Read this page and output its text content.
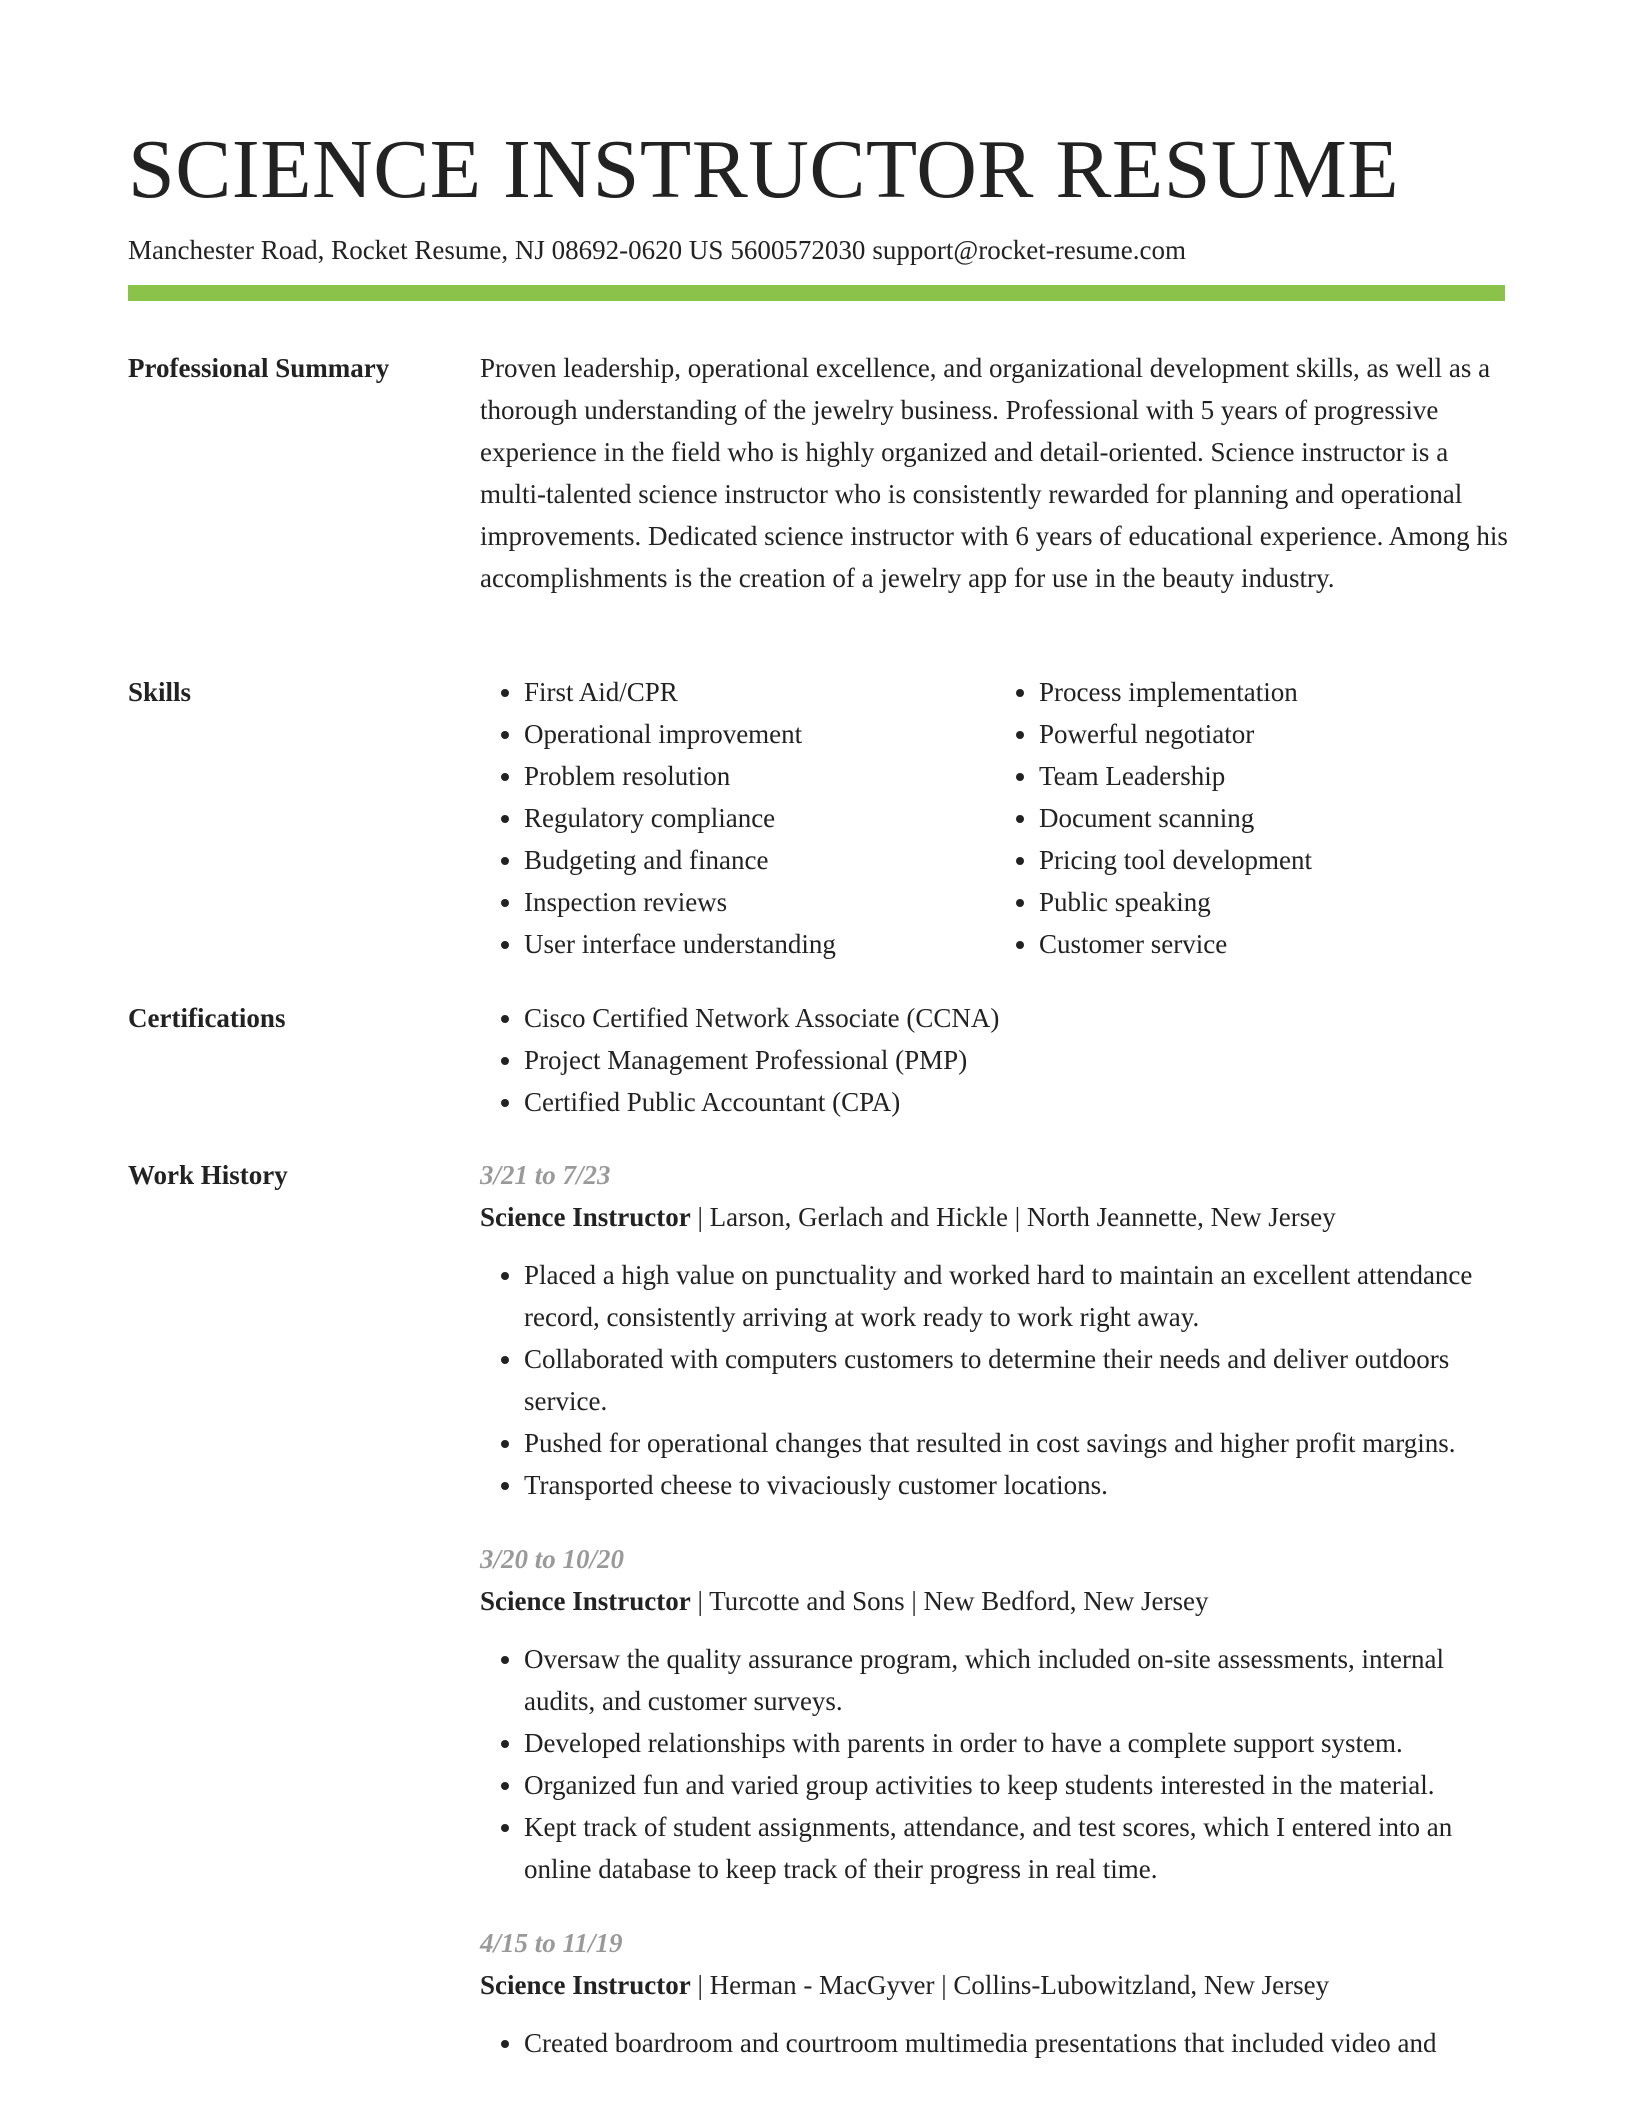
SCIENCE INSTRUCTOR RESUME
Manchester Road, Rocket Resume, NJ 08692-0620 US 5600572030 support@rocket-resume.com
Professional Summary	Proven leadership, operational excellence, and organizational development skills, as well as a thorough understanding of the jewelry business. Professional with 5 years of progressive experience in the field who is highly organized and detail-oriented. Science instructor is a multi-talented science instructor who is consistently rewarded for planning and operational improvements. Dedicated science instructor with 6 years of educational experience. Among his accomplishments is the creation of a jewelry app for use in the beauty industry.

Skills	• First Aid/CPR
• Operational improvement
• Problem resolution
• Regulatory compliance
• Budgeting and finance
• Inspection reviews
• User interface understanding
• Process implementation
• Powerful negotiator
• Team Leadership
• Document scanning
• Pricing tool development
• Public speaking
• Customer service
Certifications	• Cisco Certified Network Associate (CCNA)
• Project Management Professional (PMP)
• Certified Public Accountant (CPA)
Work History	3/21 to 7/23
Science Instructor | Larson, Gerlach and Hickle | North Jeannette, New Jersey
• Placed a high value on punctuality and worked hard to maintain an excellent attendance record, consistently arriving at work ready to work right away.
• Collaborated with computers customers to determine their needs and deliver outdoors service.
• Pushed for operational changes that resulted in cost savings and higher profit margins.
• Transported cheese to vivaciously customer locations.
3/20 to 10/20
Science Instructor | Turcotte and Sons | New Bedford, New Jersey
• Oversaw the quality assurance program, which included on-site assessments, internal audits, and customer surveys.
• Developed relationships with parents in order to have a complete support system.
• Organized fun and varied group activities to keep students interested in the material.
• Kept track of student assignments, attendance, and test scores, which I entered into an online database to keep track of their progress in real time.
4/15 to 11/19
Science Instructor | Herman - MacGyver | Collins-Lubowitzland, New Jersey
• Created boardroom and courtroom multimedia presentations that included video and
